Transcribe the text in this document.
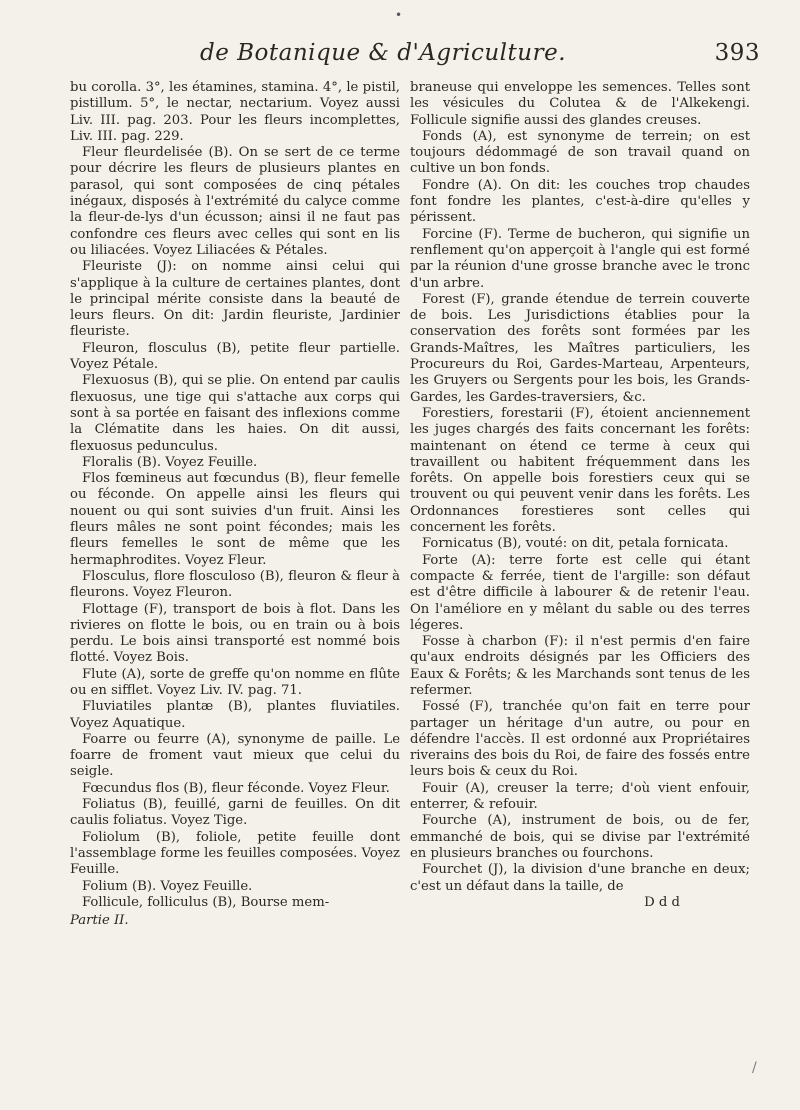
•
de Botanique & d'Agriculture.	393

bu corolla. 3°, les étamines, stamina. 4°, le pistil, pistillum. 5°, le nectar, nectarium. Voyez aussi Liv. III. pag. 203. Pour les fleurs incomplettes, Liv. III. pag. 229.

Fleur fleurdelisée (B). On se sert de ce terme pour décrire les fleurs de plusieurs plantes en parasol, qui sont composées de cinq pétales inégaux, disposés à l'extrémité du calyce comme la fleur-de-lys d'un écusson; ainsi il ne faut pas confondre ces fleurs avec celles qui sont en lis ou liliacées. Voyez Liliacées & Pétales.

Fleuriste (J): on nomme ainsi celui qui s'applique à la culture de certaines plantes, dont le principal mérite consiste dans la beauté de leurs fleurs. On dit: Jardin fleuriste, Jardinier fleuriste.

Fleuron, flosculus (B), petite fleur partielle. Voyez Pétale.

Flexuosus (B), qui se plie. On entend par caulis flexuosus, une tige qui s'attache aux corps qui sont à sa portée en faisant des inflexions comme la Clématite dans les haies. On dit aussi, flexuosus pedunculus.

Floralis (B). Voyez Feuille.

Flos fœmineus aut fœcundus (B), fleur femelle ou féconde. On appelle ainsi les fleurs qui nouent ou qui sont suivies d'un fruit. Ainsi les fleurs mâles ne sont point fécondes; mais les fleurs femelles le sont de même que les hermaphrodites. Voyez Fleur.

Flosculus, flore flosculoso (B), fleuron & fleur à fleurons. Voyez Fleuron.

Flottage (F), transport de bois à flot. Dans les rivieres on flotte le bois, ou en train ou à bois perdu. Le bois ainsi transporté est nommé bois flotté. Voyez Bois.

Flute (A), sorte de greffe qu'on nomme en flûte ou en sifflet. Voyez Liv. IV. pag. 71.

Fluviatiles plantæ (B), plantes fluviatiles. Voyez Aquatique.

Foarre ou feurre (A), synonyme de paille. Le foarre de froment vaut mieux que celui du seigle.

Fœcundus flos (B), fleur féconde. Voyez Fleur.

Foliatus (B), feuillé, garni de feuilles. On dit caulis foliatus. Voyez Tige.

Foliolum (B), foliole, petite feuille dont l'assemblage forme les feuilles composées. Voyez Feuille.

Folium (B). Voyez Feuille.

Follicule, folliculus (B), Bourse mem-

Partie II.

braneuse qui enveloppe les semences. Telles sont les vésicules du Colutea & de l'Alkekengi. Follicule signifie aussi des glandes creuses.

Fonds (A), est synonyme de terrein; on est toujours dédommagé de son travail quand on cultive un bon fonds.

Fondre (A). On dit: les couches trop chaudes font fondre les plantes, c'est-à-dire qu'elles y périssent.

Forcine (F). Terme de bucheron, qui signifie un renflement qu'on apperçoit à l'angle qui est formé par la réunion d'une grosse branche avec le tronc d'un arbre.

Forest (F), grande étendue de terrein couverte de bois. Les Jurisdictions établies pour la conservation des forêts sont formées par les Grands-Maîtres, les Maîtres particuliers, les Procureurs du Roi, Gardes-Marteau, Arpenteurs, les Gruyers ou Sergents pour les bois, les Grands-Gardes, les Gardes-traversiers, &c.

Forestiers, forestarii (F), étoient anciennement les juges chargés des faits concernant les forêts: maintenant on étend ce terme à ceux qui travaillent ou habitent fréquemment dans les forêts. On appelle bois forestiers ceux qui se trouvent ou qui peuvent venir dans les forêts. Les Ordonnances forestieres sont celles qui concernent les forêts.

Fornicatus (B), vouté: on dit, petala fornicata.

Forte (A): terre forte est celle qui étant compacte & ferrée, tient de l'argille: son défaut est d'être difficile à labourer & de retenir l'eau. On l'améliore en y mêlant du sable ou des terres légeres.

Fosse à charbon (F): il n'est permis d'en faire qu'aux endroits désignés par les Officiers des Eaux & Forêts; & les Marchands sont tenus de les refermer.

Fossé (F), tranchée qu'on fait en terre pour partager un héritage d'un autre, ou pour en défendre l'accès. Il est ordonné aux Propriétaires riverains des bois du Roi, de faire des fossés entre leurs bois & ceux du Roi.

Fouir (A), creuser la terre; d'où vient enfouir, enterrer, & refouir.

Fourche (A), instrument de bois, ou de fer, emmanché de bois, qui se divise par l'extrémité en plusieurs branches ou fourchons.

Fourchet (J), la division d'une branche en deux; c'est un défaut dans la taille, de

D d d

/
